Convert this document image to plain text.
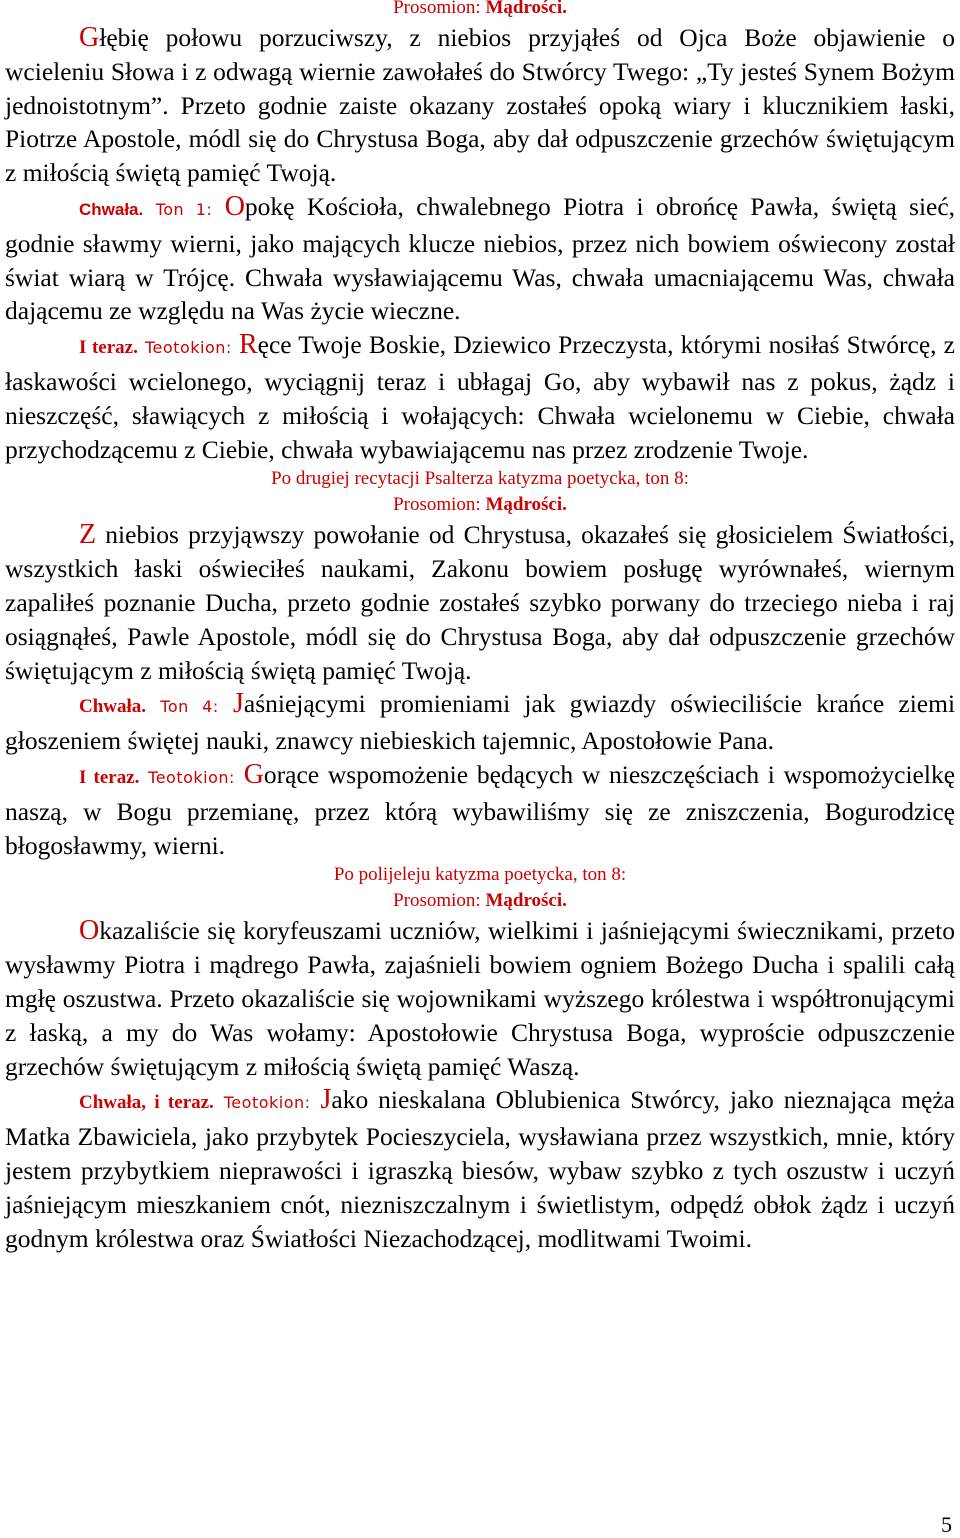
Prosomion: Mądrości.

Głębię połowu porzuciwszy, z niebios przyjąłeś od Ojca Boże objawienie o wcieleniu Słowa i z odwagą wiernie zawołałeś do Stwórcy Twego: „Ty jesteś Synem Bożym jednoistotnym”. Przeto godnie zaiste okazany zostałeś opoką wiary i klucznikiem łaski, Piotrze Apostole, módl się do Chrystusa Boga, aby dał odpuszczenie grzechów świętującym z miłością świętą pamięć Twoją.

Chwała. Ton 1: Opokę Kościoła, chwalebnego Piotra i obrońcę Pawła, świętą sieć, godnie sławmy wierni, jako mających klucze niebios, przez nich bowiem oświecony został świat wiarą w Trójcę. Chwała wysławiającemu Was, chwała umacniającemu Was, chwała dającemu ze względu na Was życie wieczne.

I teraz. Teotokion: Ręce Twoje Boskie, Dziewico Przeczysta, którymi nosiłaś Stwórcę, z łaskawości wcielonego, wyciągnij teraz i ubłagaj Go, aby wybawił nas z pokus, żądz i nieszczęść, sławiących z miłością i wołających: Chwała wcielonemu w Ciebie, chwała przychodzącemu z Ciebie, chwała wybawiającemu nas przez zrodzenie Twoje.

Po drugiej recytacji Psalterza katyzma poetycka, ton 8:

Prosomion: Mądrości.

Z niebios przyjąwszy powołanie od Chrystusa, okazałeś się głosicielem Światłości, wszystkich łaski oświeciłeś naukami, Zakonu bowiem posługę wyrównałeś, wiernym zapaliłeś poznanie Ducha, przeto godnie zostałeś szybko porwany do trzeciego nieba i raj osiągnąłeś, Pawle Apostole, módl się do Chrystusa Boga, aby dał odpuszczenie grzechów świętującym z miłością świętą pamięć Twoją.

Chwała. Ton 4: Jaśniejącymi promieniami jak gwiazdy oświeciliście krańce ziemi głoszeniem świętej nauki, znawcy niebieskich tajemnic, Apostołowie Pana.

I teraz. Teotokion: Gorące wspomożenie będących w nieszczęściach i wspomożycielkę naszą, w Bogu przemianę, przez którą wybawiliśmy się ze zniszczenia, Bogurodzicę błogosławmy, wierni.

Po polijeleju katyzma poetycka, ton 8:

Prosomion: Mądrości.

Okazaliście się koryfeuszami uczniów, wielkimi i jaśniejącymi świecznikami, przeto wysławmy Piotra i mądrego Pawła, zajaśnieli bowiem ogniem Bożego Ducha i spalili całą mgłę oszustwa. Przeto okazaliście się wojownikami wyższego królestwa i współtronującymi z łaską, a my do Was wołamy: Apostołowie Chrystusa Boga, wyproście odpuszczenie grzechów świętującym z miłością świętą pamięć Waszą.

Chwała, i teraz. Teotokion: Jako nieskalana Oblubienica Stwórcy, jako nieznająca męża Matka Zbawiciela, jako przybytek Pocieszyciela, wysławiana przez wszystkich, mnie, który jestem przybytkiem nieprawości i igraszką biesów, wybaw szybko z tych oszustw i uczyń jaśniejącym mieszkaniem cnót, niezniszczalnym i świetlistym, odpędź obłok żądz i uczyń godnym królestwa oraz Światłości Niezachodzącej, modlitwami Twoimi.

5
